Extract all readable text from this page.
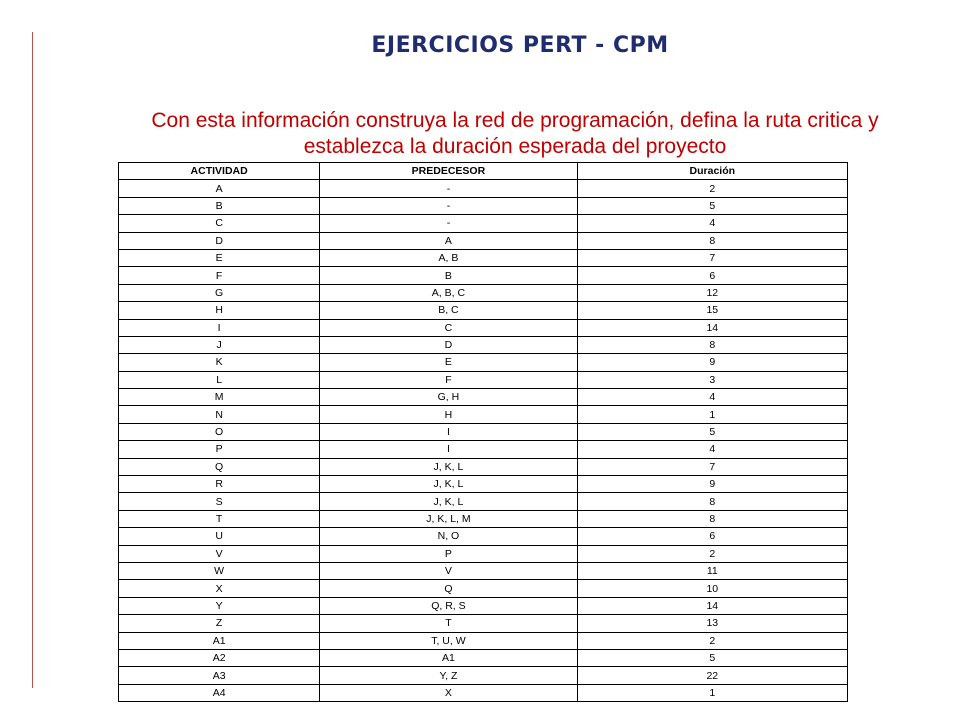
EJERCICIOS PERT - CPM

Con esta información construya la red de programación, defina la ruta critica y establezca la duración esperada del proyecto

ACTIVIDAD	PREDECESOR	Duración
A	-	2
B	-	5
C	-	4
D	A	8
E	A, B	7
F	B	6
G	A, B, C	12
H	B, C	15
I	C	14
J	D	8
K	E	9
L	F	3
M	G, H	4
N	H	1
O	I	5
P	I	4
Q	J, K, L	7
R	J, K, L	9
S	J, K, L	8
T	J, K, L, M	8
U	N, O	6
V	P	2
W	V	11
X	Q	10
Y	Q, R, S	14
Z	T	13
A1	T, U, W	2
A2	A1	5
A3	Y, Z	22
A4	X	1
